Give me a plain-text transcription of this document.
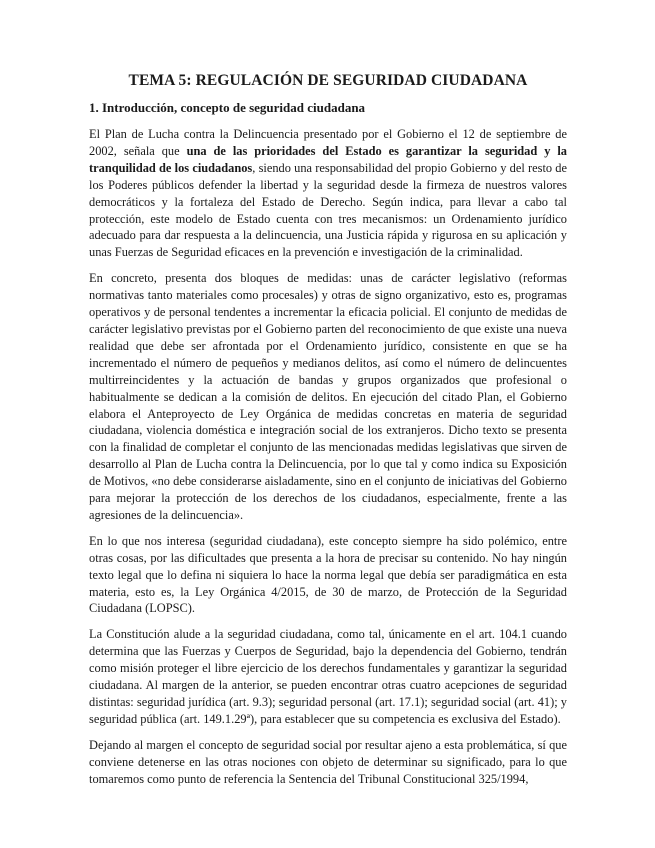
TEMA 5: REGULACIÓN DE SEGURIDAD CIUDADANA
1. Introducción, concepto de seguridad ciudadana

El Plan de Lucha contra la Delincuencia presentado por el Gobierno el 12 de septiembre de 2002, señala que una de las prioridades del Estado es garantizar la seguridad y la tranquilidad de los ciudadanos, siendo una responsabilidad del propio Gobierno y del resto de los Poderes públicos defender la libertad y la seguridad desde la firmeza de nuestros valores democráticos y la fortaleza del Estado de Derecho. Según indica, para llevar a cabo tal protección, este modelo de Estado cuenta con tres mecanismos: un Ordenamiento jurídico adecuado para dar respuesta a la delincuencia, una Justicia rápida y rigurosa en su aplicación y unas Fuerzas de Seguridad eficaces en la prevención e investigación de la criminalidad.

En concreto, presenta dos bloques de medidas: unas de carácter legislativo (reformas normativas tanto materiales como procesales) y otras de signo organizativo, esto es, programas operativos y de personal tendentes a incrementar la eficacia policial. El conjunto de medidas de carácter legislativo previstas por el Gobierno parten del reconocimiento de que existe una nueva realidad que debe ser afrontada por el Ordenamiento jurídico, consistente en que se ha incrementado el número de pequeños y medianos delitos, así como el número de delincuentes multirreincidentes y la actuación de bandas y grupos organizados que profesional o habitualmente se dedican a la comisión de delitos. En ejecución del citado Plan, el Gobierno elabora el Anteproyecto de Ley Orgánica de medidas concretas en materia de seguridad ciudadana, violencia doméstica e integración social de los extranjeros. Dicho texto se presenta con la finalidad de completar el conjunto de las mencionadas medidas legislativas que sirven de desarrollo al Plan de Lucha contra la Delincuencia, por lo que tal y como indica su Exposición de Motivos, «no debe considerarse aisladamente, sino en el conjunto de iniciativas del Gobierno para mejorar la protección de los derechos de los ciudadanos, especialmente, frente a las agresiones de la delincuencia».

En lo que nos interesa (seguridad ciudadana), este concepto siempre ha sido polémico, entre otras cosas, por las dificultades que presenta a la hora de precisar su contenido. No hay ningún texto legal que lo defina ni siquiera lo hace la norma legal que debía ser paradigmática en esta materia, esto es, la Ley Orgánica 4/2015, de 30 de marzo, de Protección de la Seguridad Ciudadana (LOPSC).

La Constitución alude a la seguridad ciudadana, como tal, únicamente en el art. 104.1 cuando determina que las Fuerzas y Cuerpos de Seguridad, bajo la dependencia del Gobierno, tendrán como misión proteger el libre ejercicio de los derechos fundamentales y garantizar la seguridad ciudadana. Al margen de la anterior, se pueden encontrar otras cuatro acepciones de seguridad distintas: seguridad jurídica (art. 9.3); seguridad personal (art. 17.1); seguridad social (art. 41); y seguridad pública (art. 149.1.29ª), para establecer que su competencia es exclusiva del Estado).

Dejando al margen el concepto de seguridad social por resultar ajeno a esta problemática, sí que conviene detenerse en las otras nociones con objeto de determinar su significado, para lo que tomaremos como punto de referencia la Sentencia del Tribunal Constitucional 325/1994,
